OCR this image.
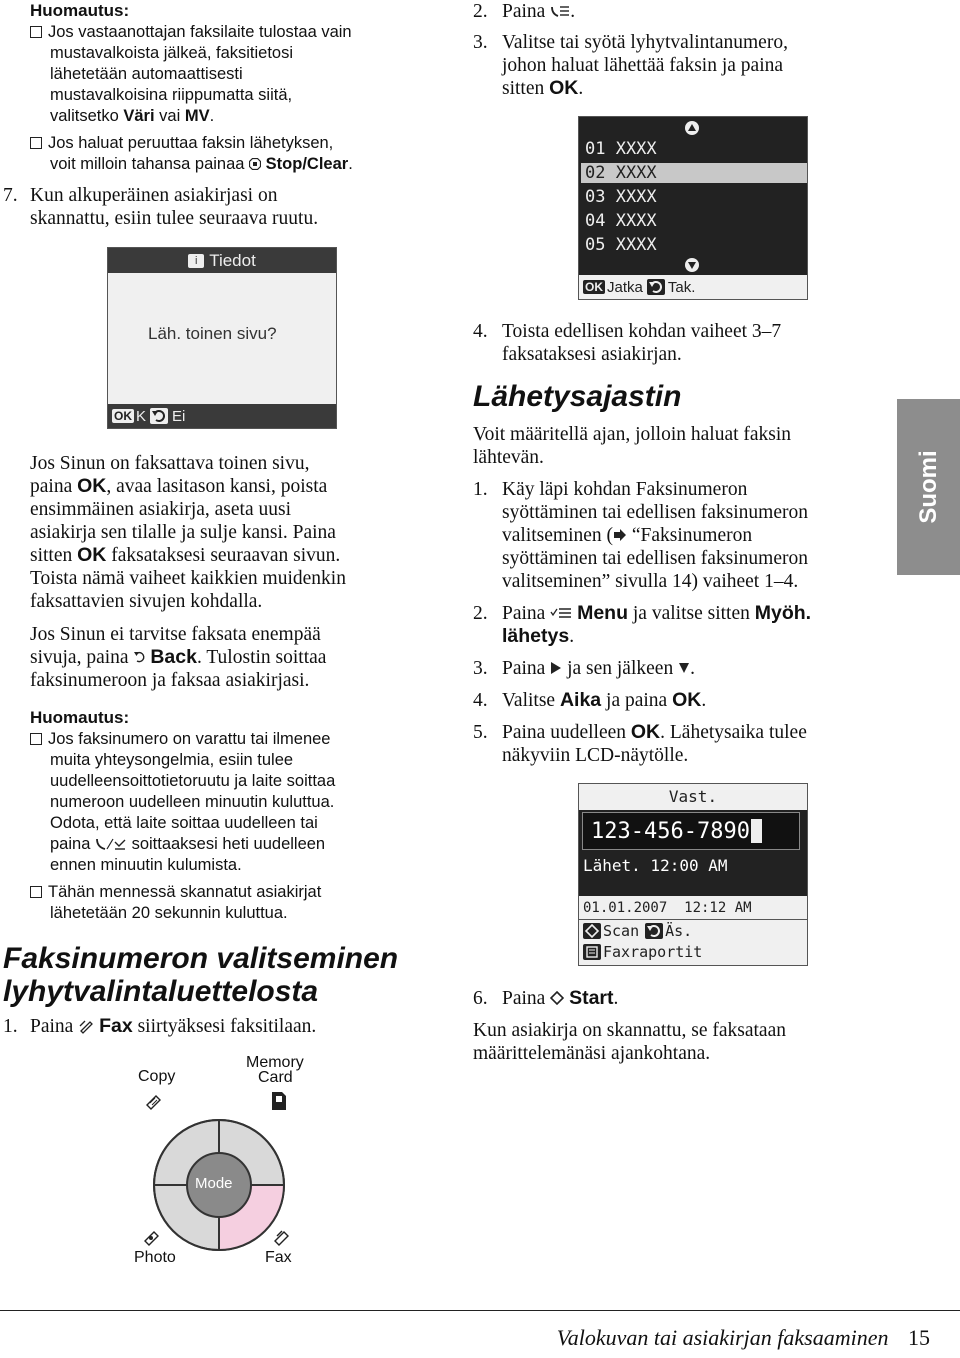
Huomautus:
Jos vastaanottajan faksilaite tulostaa vain
mustavalkoista jälkeä, faksitietosi
lähetetään automaattisesti
mustavalkoisina riippumatta siitä,
valitsetko Väri vai MV.
Jos haluat peruuttaa faksin lähetyksen,
voit milloin tahansa painaa Stop/Clear.
7. Kun alkuperäinen asiakirjasi on
skannattu, esiin tulee seuraava ruutu.
i Tiedot
Läh. toinen sivu?
OK K Ei
Jos Sinun on faksattava toinen sivu,
paina OK, avaa lasitason kansi, poista
ensimmäinen asiakirja, aseta uusi
asiakirja sen tilalle ja sulje kansi. Paina
sitten OK faksataksesi seuraavan sivun.
Toista nämä vaiheet kaikkien muidenkin
faksattavien sivujen kohdalla.
Jos Sinun ei tarvitse faksata enempää
sivuja, paina Back. Tulostin soittaa
faksinumeroon ja faksaa asiakirjasi.
Huomautus:
Jos faksinumero on varattu tai ilmenee
muita yhteysongelmia, esiin tulee
uudelleensoittotietoruutu ja laite soittaa
numeroon uudelleen minuutin kuluttua.
Odota, että laite soittaa uudelleen tai
paina soittaaksesi heti uudelleen
ennen minuutin kulumista.
Tähän mennessä skannatut asiakirjat
lähetetään 20 sekunnin kuluttua.
Faksinumeron valitseminen
lyhytvalintaluettelosta
1. Paina Fax siirtyäksesi faksitilaan.
Copy
Memory
Card
Mode
Photo	Fax
2. Paina .
3. Valitse tai syötä lyhytvalintanumero,
johon haluat lähettää faksin ja paina
sitten OK.
01 XXXX
02 XXXX
03 XXXX
04 XXXX
05 XXXX
OK Jatka Tak.
4. Toista edellisen kohdan vaiheet 3–7
faksataksesi asiakirjan.
Lähetysajastin
Voit määritellä ajan, jolloin haluat faksin
lähtevän.
1. Käy läpi kohdan Faksinumeron
syöttäminen tai edellisen faksinumeron
valitseminen ( “Faksinumeron
syöttäminen tai edellisen faksinumeron
valitseminen” sivulla 14) vaiheet 1–4.
2. Paina Menu ja valitse sitten Myöh.
lähetys.
3. Paina ja sen jälkeen .
4. Valitse Aika ja paina OK.
5. Paina uudelleen OK. Lähetysaika tulee
näkyviin LCD-näytölle.
Vast.
123-456-7890
Lähet. 12:00 AM
01.01.2007  12:12 AM
Scan Äs.
Faxraportit
6. Paina Start.
Kun asiakirja on skannattu, se faksataan
määrittelemänäsi ajankohtana.
Suomi
Valokuvan tai asiakirjan faksaaminen 15
